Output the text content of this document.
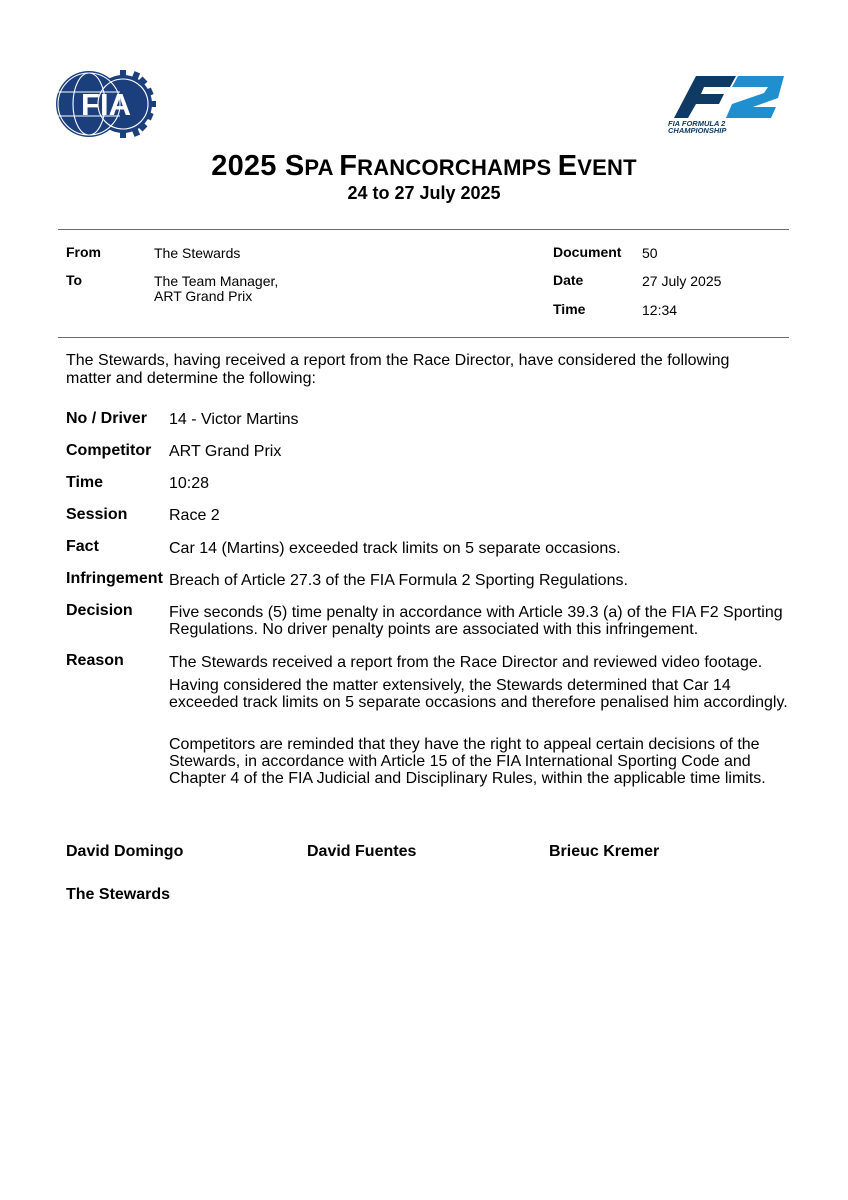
FIA
FIA FORMULA 2
CHAMPIONSHIP
2025 SPA FRANCORCHAMPS EVENT
24 to 27 July 2025
From	The Stewards
To	The Team Manager,
ART Grand Prix
Document 50
Date	27 July 2025
Time	12:34
The Stewards, having received a report from the Race Director, have considered the following matter and determine the following:
No / Driver 14 - Victor Martins
Competitor ART Grand Prix
Time	10:28
Session	Race 2
Fact	Car 14 (Martins) exceeded track limits on 5 separate occasions.
Infringement Breach of Article 27.3 of the FIA Formula 2 Sporting Regulations.
Decision Five seconds (5) time penalty in accordance with Article 39.3 (a) of the FIA F2 Sporting Regulations. No driver penalty points are associated with this infringement.
Reason	The Stewards received a report from the Race Director and reviewed video footage.
Having considered the matter extensively, the Stewards determined that Car 14 exceeded track limits on 5 separate occasions and therefore penalised him accordingly.
Competitors are reminded that they have the right to appeal certain decisions of the Stewards, in accordance with Article 15 of the FIA International Sporting Code and Chapter 4 of the FIA Judicial and Disciplinary Rules, within the applicable time limits.
David Domingo	David Fuentes	Brieuc Kremer
The Stewards
